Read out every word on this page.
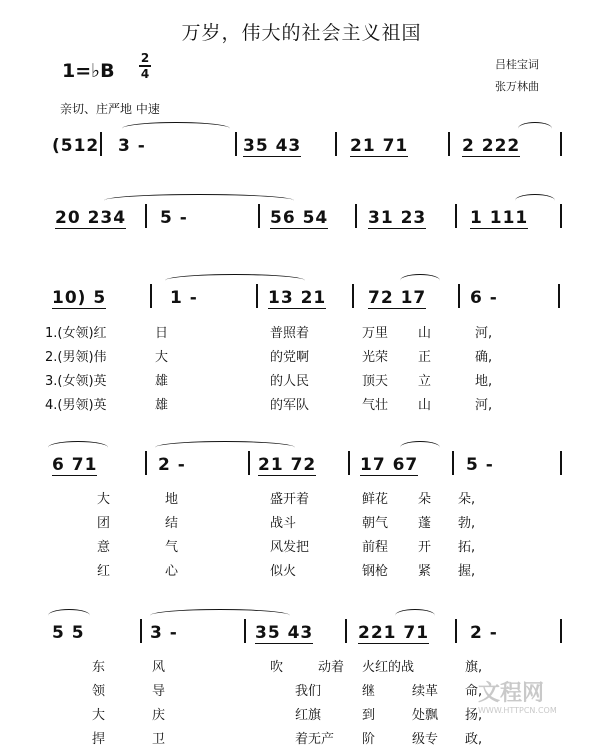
万岁，伟大的社会主义祖国
1=♭B
2
4
吕桂宝词
张万林曲
亲切、庄严地 中速
(512 3 -	35 43	21 71	2 222
20 234 5 -	56 54 31 23	1 111
10) 5	1 -	13 21 72 17	6 -
1.(女领)红	日	普照着	万里 山	河,
2.(男领)伟	大	的党啊	光荣 正	确,
3.(女领)英	雄	的人民	顶天 立	地,
4.(男领)英	雄	的军队	气壮 山	河,
6 71	2 -	21 72	17 67	5 -
大	地	盛开着	鲜花 朵 朵,
团	结	战斗	朝气 蓬 勃,
意	气	风发把	前程 开 拓,
红	心	似火	钢枪 紧 握,
5 5	3 -	35 43	221 71 2 -
东	风	吹	动着 火红的战	旗,
领	导	我们	继	续革 命,
大	庆	红旗	到	处飘 扬,
捍	卫	着无产 阶	级专 政,
文程网
WWW.HTTPCN.COM
